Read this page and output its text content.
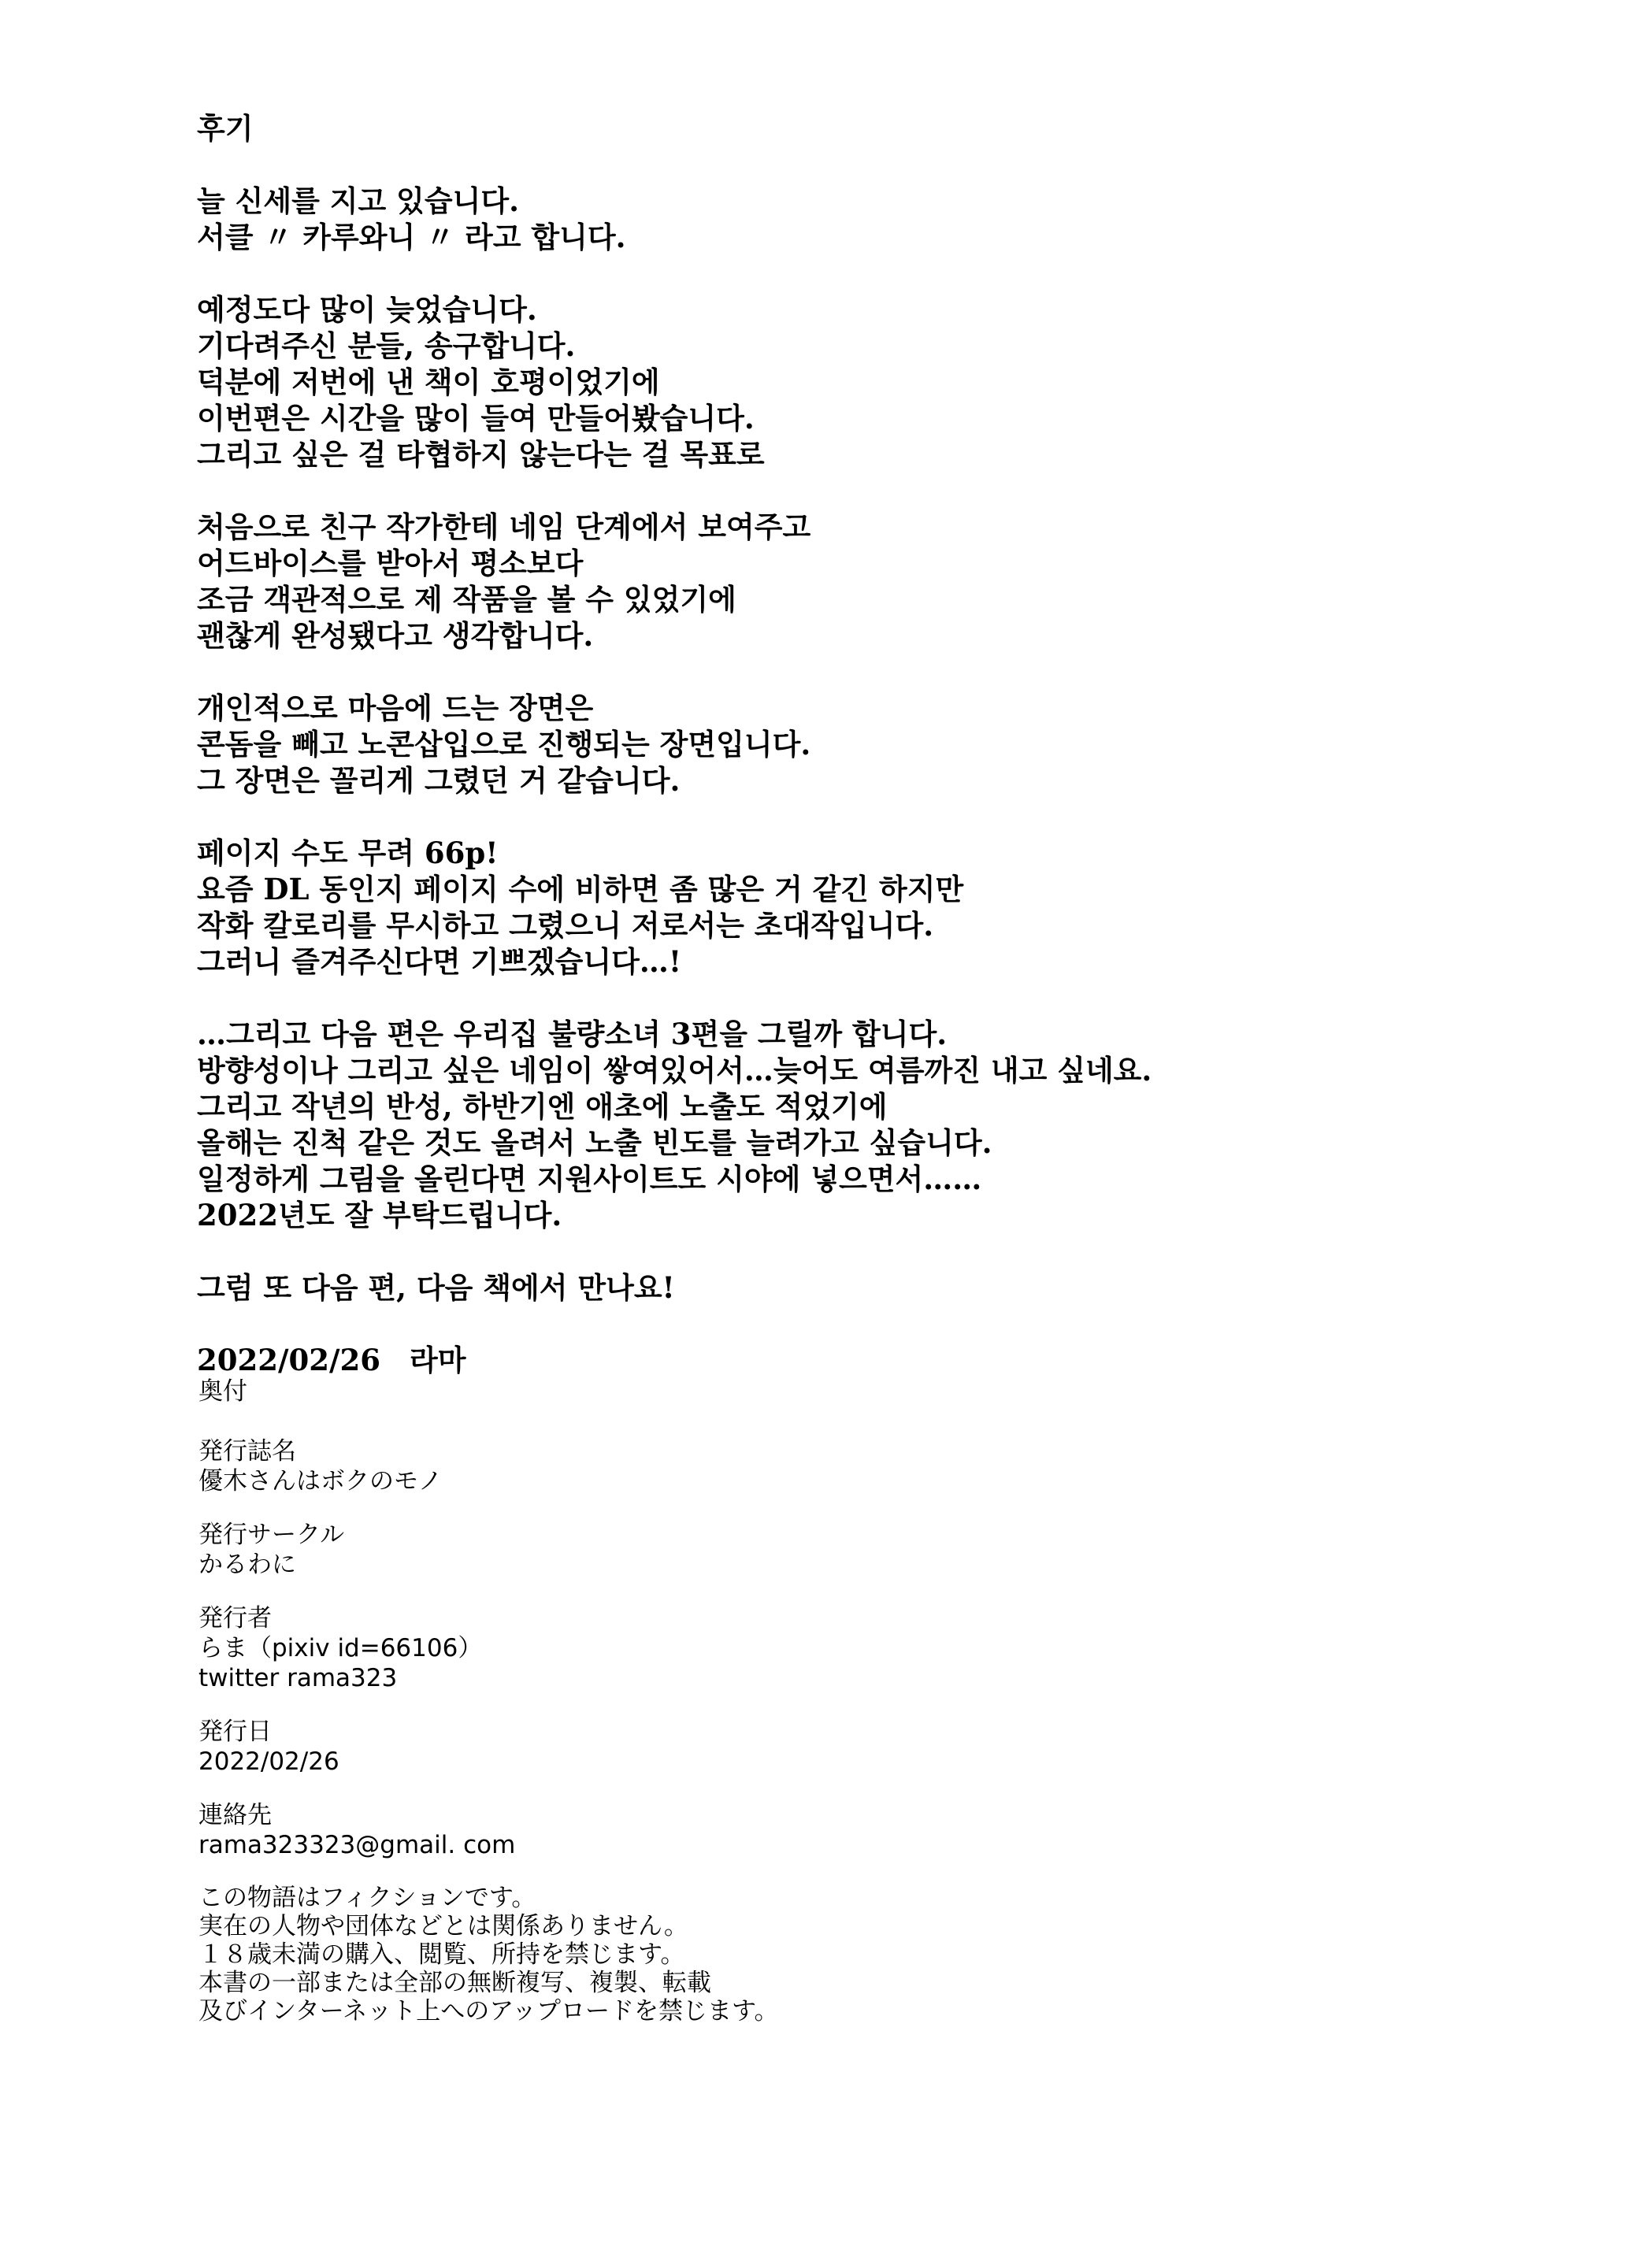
후기
늘 신세를 지고 있습니다.
서클 〃 카루와니 〃 라고 합니다.
예정도다 많이 늦었습니다.
기다려주신 분들, 송구합니다.
덕분에 저번에 낸 책이 호평이었기에
이번편은 시간을 많이 들여 만들어봤습니다.
그리고 싶은 걸 타협하지 않는다는 걸 목표로
처음으로 친구 작가한테 네임 단계에서 보여주고
어드바이스를 받아서 평소보다
조금 객관적으로 제 작품을 볼 수 있었기에
괜찮게 완성됐다고 생각합니다.
개인적으로 마음에 드는 장면은
콘돔을 빼고 노콘삽입으로 진행되는 장면입니다.
그 장면은 꼴리게 그렸던 거 같습니다.
페이지 수도 무려 66p!
요즘 DL 동인지 페이지 수에 비하면 좀 많은 거 같긴 하지만
작화 칼로리를 무시하고 그렸으니 저로서는 초대작입니다.
그러니 즐겨주신다면 기쁘겠습니다…!
…그리고 다음 편은 우리집 불량소녀 3편을 그릴까 합니다.
방향성이나 그리고 싶은 네임이 쌓여있어서…늦어도 여름까진 내고 싶네요.
그리고 작년의 반성, 하반기엔 애초에 노출도 적었기에
올해는 진척 같은 것도 올려서 노출 빈도를 늘려가고 싶습니다.
일정하게 그림을 올린다면 지원사이트도 시야에 넣으면서……
2022년도 잘 부탁드립니다.
그럼 또 다음 편, 다음 책에서 만나요!
2022/02/26　라마
奥付
発行誌名
優木さんはボクのモノ
発行サークル
かるわに
発行者
らま（pixiv id=66106）
twitter rama323
発行日
2022/02/26
連絡先
rama323323@gmail. com
この物語はフィクションです。
実在の人物や団体などとは関係ありません。
１８歳未満の購入、閲覧、所持を禁じます。
本書の一部または全部の無断複写、複製、転載
及びインターネット上へのアップロードを禁じます。
